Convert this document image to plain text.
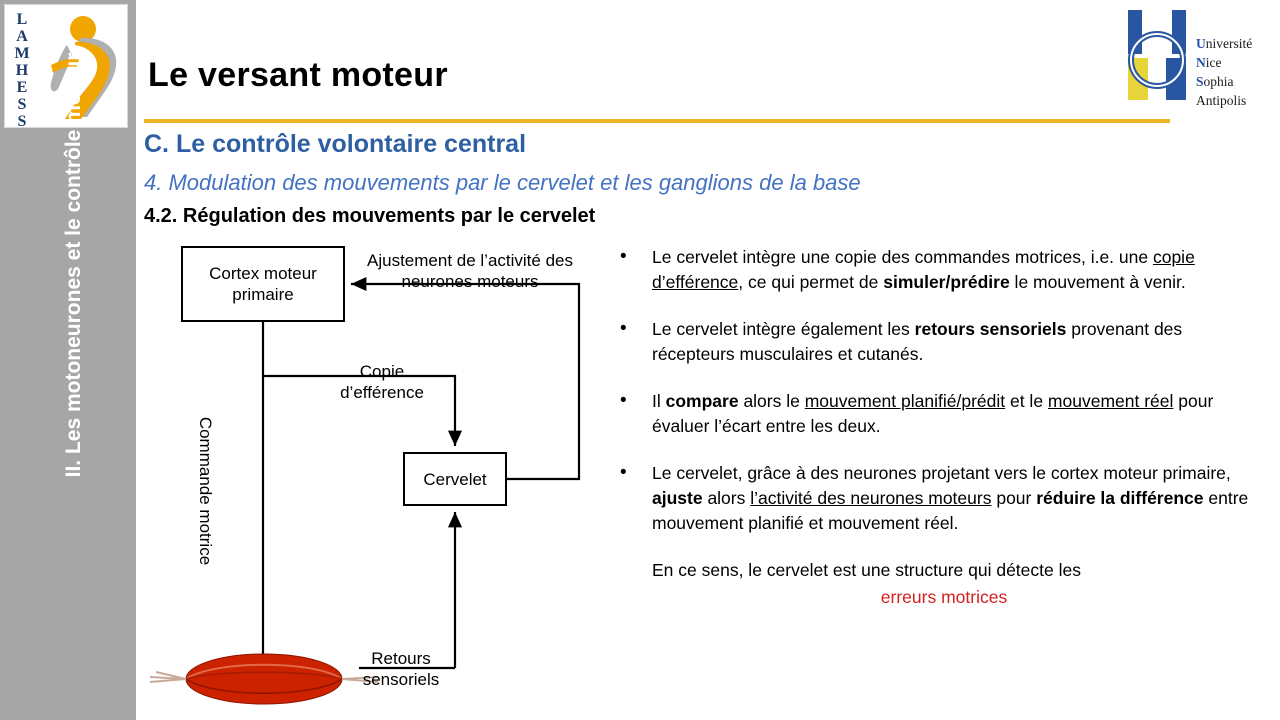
L
A
M
H
E
S
S	II. Les motoneurones et le contrôle moteur Le versant moteur
Université
Nice
Sophia Antipolis
C. Le contrôle volontaire central
4. Modulation des mouvements par le cervelet et les ganglions de la base
4.2. Régulation des mouvements par le cervelet
Cortex moteur primaire
Cervelet
Ajustement de l’activité des neurones moteurs
Copie d’efférence
Commande motrice
Retours sensoriels
• Le cervelet intègre une copie des commandes motrices, i.e. une copie d’efférence, ce qui permet de simuler/prédire le mouvement à venir.
• Le cervelet intègre également les retours sensoriels provenant des récepteurs musculaires et cutanés.
• Il compare alors le mouvement planifié/prédit et le mouvement réel pour évaluer l’écart entre les deux.
• Le cervelet, grâce à des neurones projetant vers le cortex moteur primaire, ajuste alors l’activité des neurones moteurs pour réduire la différence entre mouvement planifié et mouvement réel.
En ce sens, le cervelet est une structure qui détecte les
erreurs motrices
